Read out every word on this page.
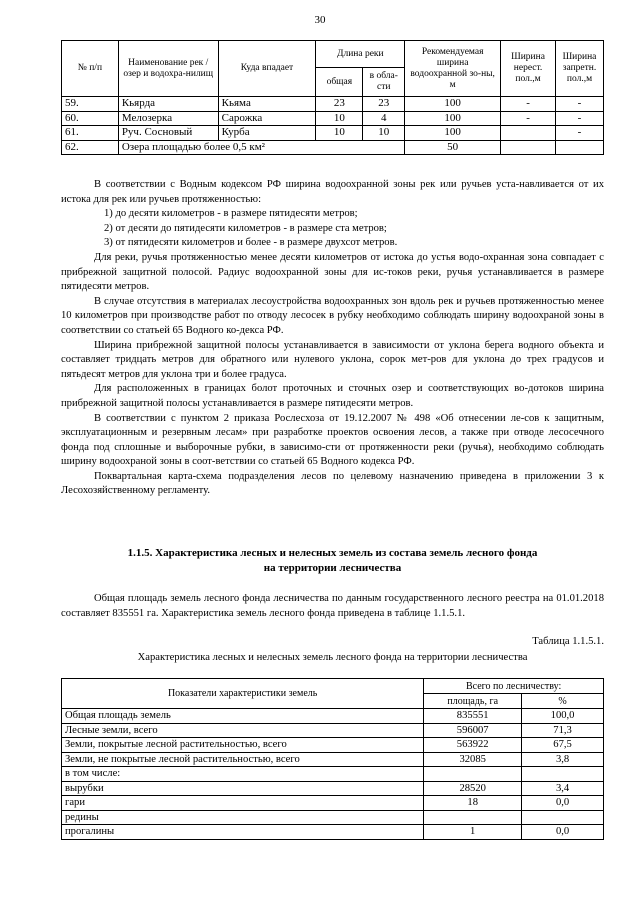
30
№ п/п	Наименование рек / озер и водохра-нилищ	Куда впадает	Длина реки		Рекомендуемая ширина водоохранной зо-ны, м	Ширина нерест. пол.,м	Ширина запретн. пол.,м
			общая	в обла-сти			
59.	Кьярда	Кьяма	23	23	100	-	-
60.	Мелозерка	Сарожка	10	4	100	-	-
61.	Руч. Сосновый	Курба	10	10	100		-
62.	Озера площадью более 0,5 км²				50		

В соответствии с Водным кодексом РФ ширина водоохранной зоны рек или ручьев уста-навливается от их истока для рек или ручьев протяженностью:

1) до десяти километров - в размере пятидесяти метров;

2) от десяти до пятидесяти километров - в размере ста метров;

3) от пятидесяти километров и более - в размере двухсот метров.

Для реки, ручья протяженностью менее десяти километров от истока до устья водо-охранная зона совпадает с прибрежной защитной полосой. Радиус водоохранной зоны для ис-токов реки, ручья устанавливается в размере пятидесяти метров.

В случае отсутствия в материалах лесоустройства водоохранных зон вдоль рек и ручьев протяженностью менее 10 километров при производстве работ по отводу лесосек в рубку необходимо соблюдать ширину водоохраной зоны в соответствии со статьей 65 Водного ко-декса РФ.

Ширина прибрежной защитной полосы устанавливается в зависимости от уклона берега водного объекта и составляет тридцать метров для обратного или нулевого уклона, сорок мет-ров для уклона до трех градусов и пятьдесят метров для уклона три и более градуса.

Для расположенных в границах болот проточных и сточных озер и соответствующих во-дотоков ширина прибрежной защитной полосы устанавливается в размере пятидесяти метров.

В соответствии с пунктом 2 приказа Рослесхоза от 19.12.2007 № 498 «Об отнесении ле-сов к защитным, эксплуатационным и резервным лесам» при разработке проектов освоения лесов, а также при отводе лесосечного фонда под сплошные и выборочные рубки, в зависимо-сти от протяженности реки (ручья), необходимо соблюдать ширину водоохраной зоны в соот-ветствии со статьей 65 Водного кодекса РФ.

Поквартальная карта-схема подразделения лесов по целевому назначению приведена в приложении 3 к Лесохозяйственному регламенту.

1.1.5. Характеристика лесных и нелесных земель из состава земель лесного фонда
на территории лесничества

Общая площадь земель лесного фонда лесничества по данным государственного лесного реестра на 01.01.2018 составляет 835551 га. Характеристика земель лесного фонда приведена в таблице 1.1.5.1.

Таблица 1.1.5.1.
Характеристика лесных и нелесных земель лесного фонда на территории лесничества
Показатели характеристики земель	Всего по лесничеству:	
	площадь, га	%
Общая площадь земель	835551	100,0
Лесные земли, всего	596007	71,3
Земли, покрытые лесной растительностью, всего	563922	67,5
Земли, не покрытые лесной растительностью, всего	32085	3,8
в том числе:		
вырубки	28520	3,4
гари	18	0,0
редины		
прогалины	1	0,0
